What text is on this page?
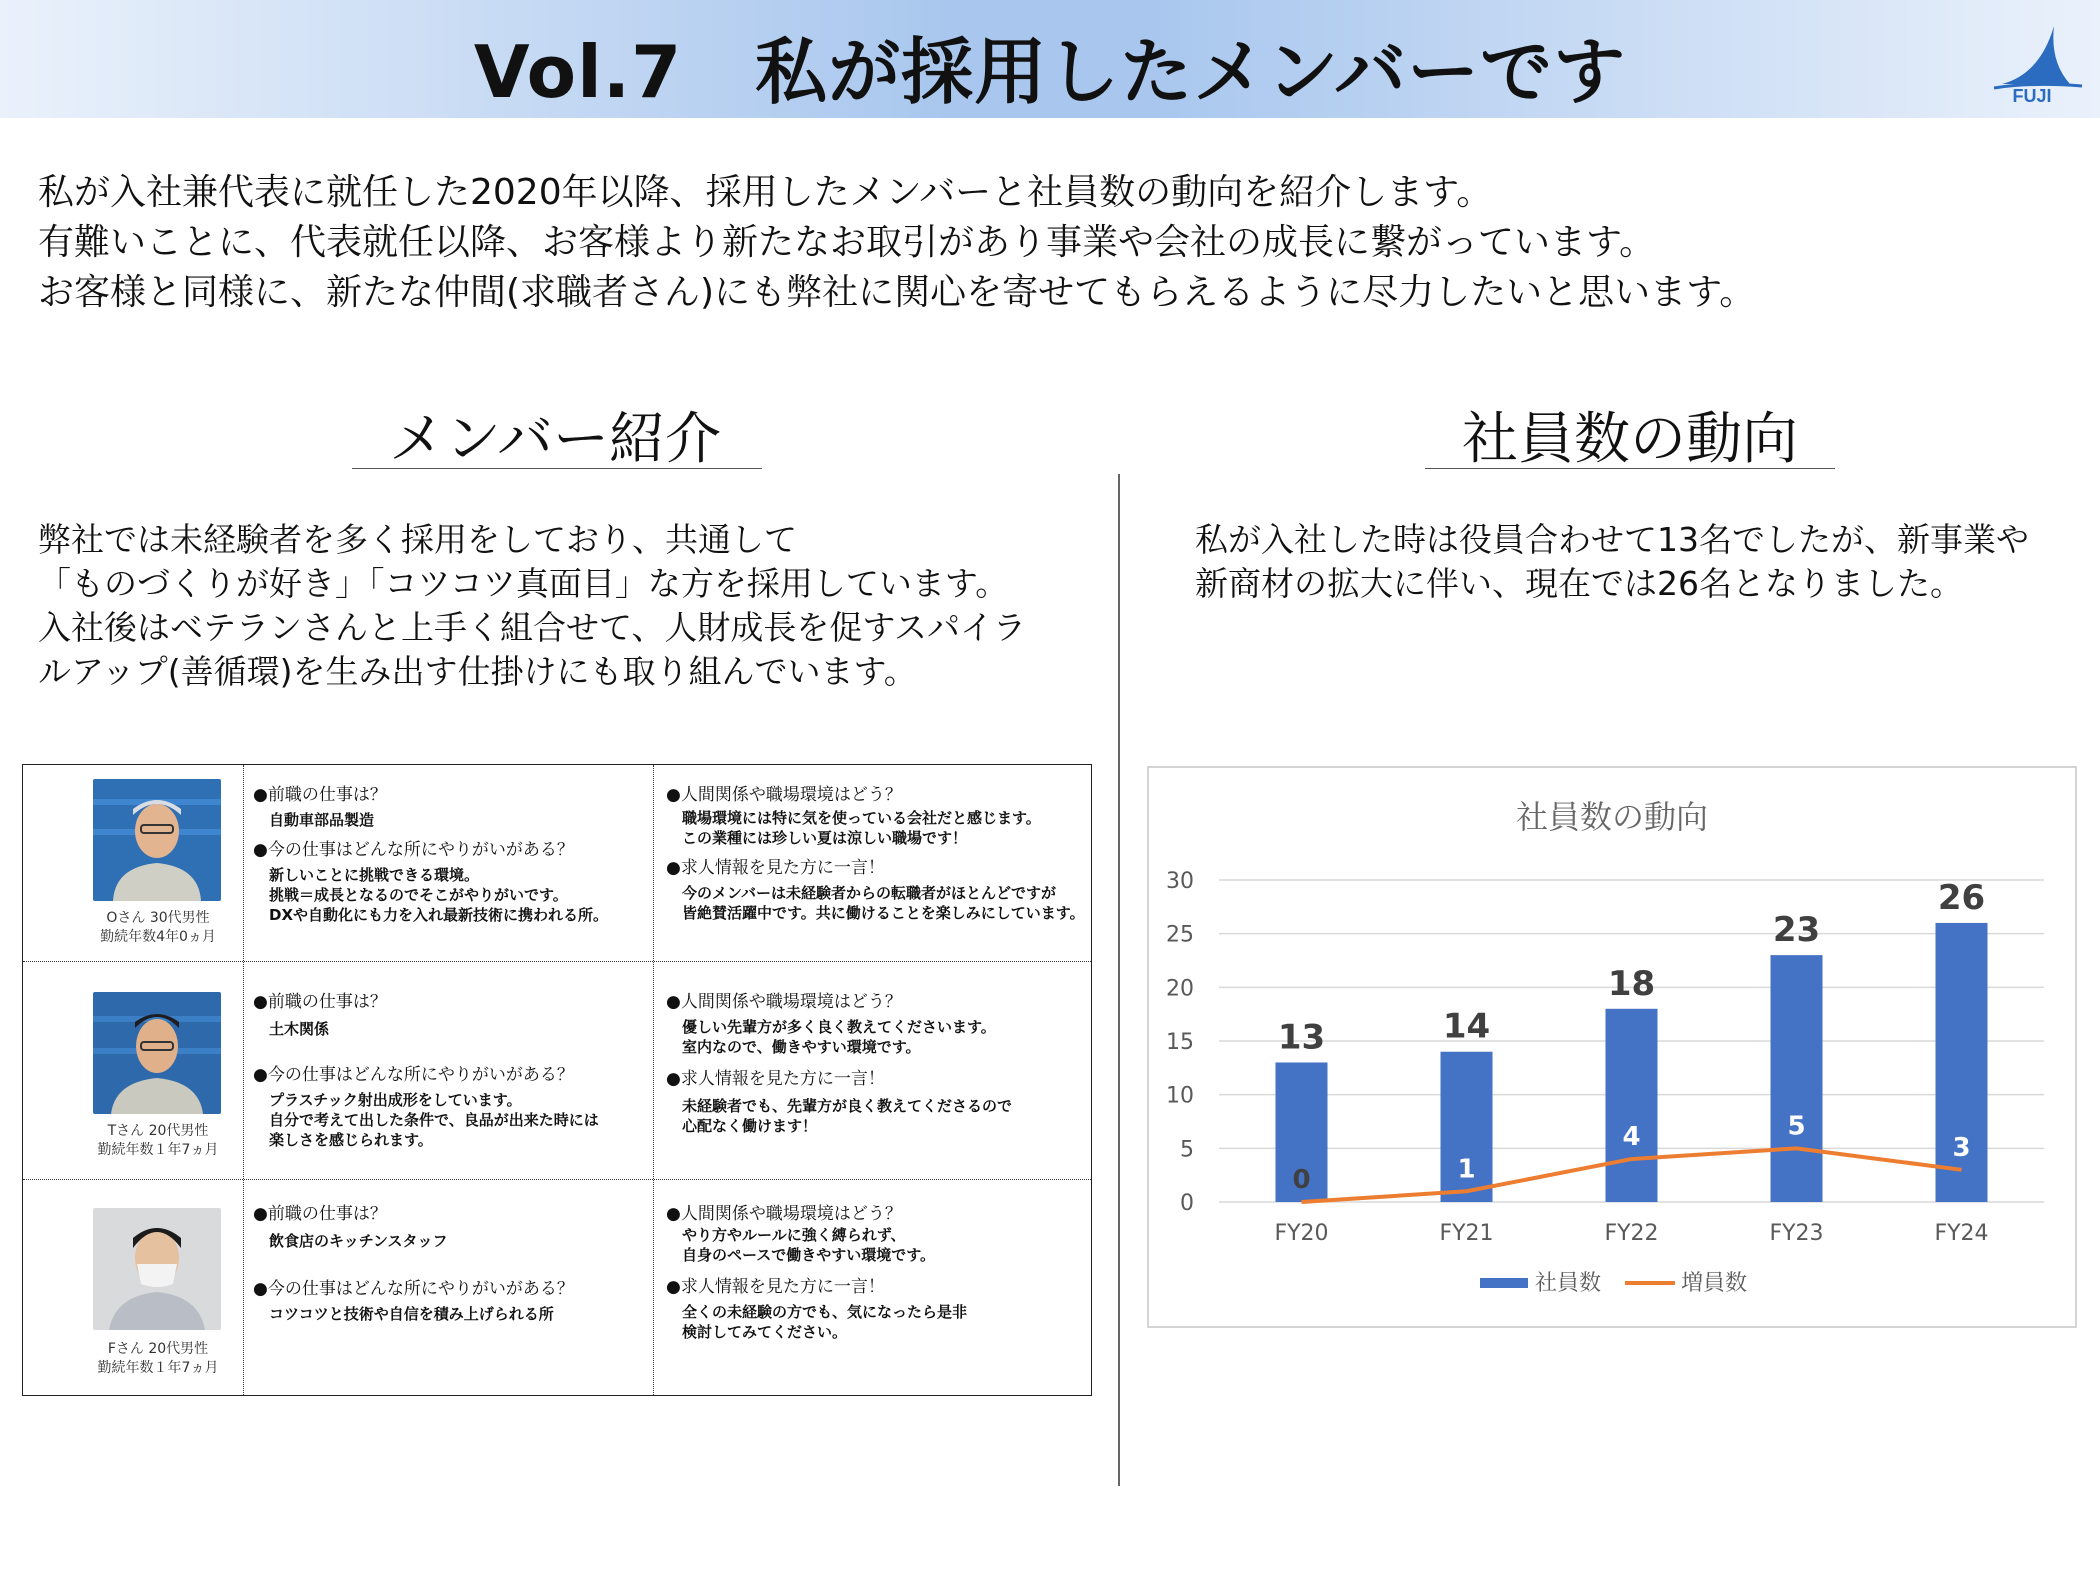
Vol.7　私が採用したメンバーです	FUJI
私が入社兼代表に就任した2020年以降、採用したメンバーと社員数の動向を紹介します。
有難いことに、代表就任以降、お客様より新たなお取引があり事業や会社の成長に繋がっています。
お客様と同様に、新たな仲間(求職者さん)にも弊社に関心を寄せてもらえるように尽力したいと思います。
メンバー紹介	社員数の動向
弊社では未経験者を多く採用をしており、共通して
「ものづくりが好き」「コツコツ真面目」な方を採用しています。
入社後はベテランさんと上手く組合せて、人財成長を促すスパイラ
ルアップ(善循環)を生み出す仕掛けにも取り組んでいます。
私が入社した時は役員合わせて13名でしたが、新事業や
新商材の拡大に伴い、現在では26名となりました。
Oさん 30代男性
勤続年数4年0ヵ月
●前職の仕事は？
自動車部品製造
●今の仕事はどんな所にやりがいがある？
新しいことに挑戦できる環境。
挑戦＝成長となるのでそこがやりがいです。
DXや自動化にも力を入れ最新技術に携われる所。
●人間関係や職場環境はどう？
職場環境には特に気を使っている会社だと感じます。
この業種には珍しい夏は涼しい職場です！
●求人情報を見た方に一言！
今のメンバーは未経験者からの転職者がほとんどですが
皆絶賛活躍中です。共に働けることを楽しみにしています。
Tさん 20代男性
勤続年数１年7ヵ月
●前職の仕事は？
土木関係
●今の仕事はどんな所にやりがいがある？
プラスチック射出成形をしています。
自分で考えて出した条件で、良品が出来た時には
楽しさを感じられます。
●人間関係や職場環境はどう？
優しい先輩方が多く良く教えてくださいます。
室内なので、働きやすい環境です。
●求人情報を見た方に一言！
未経験者でも、先輩方が良く教えてくださるので
心配なく働けます！
Fさん 20代男性
勤続年数１年7ヵ月
●前職の仕事は？
飲食店のキッチンスタッフ
●今の仕事はどんな所にやりがいがある？
コツコツと技術や自信を積み上げられる所
●人間関係や職場環境はどう？
やり方やルールに強く縛られず、
自身のペースで働きやすい環境です。
●求人情報を見た方に一言！
全くの未経験の方でも、気になったら是非
検討してみてください。
社員数の動向
0
5
10
15
20
25
30
13	14
18
23
26
0	1
4	5
3
FY20	FY21	FY22	FY23	FY24
社員数	増員数
